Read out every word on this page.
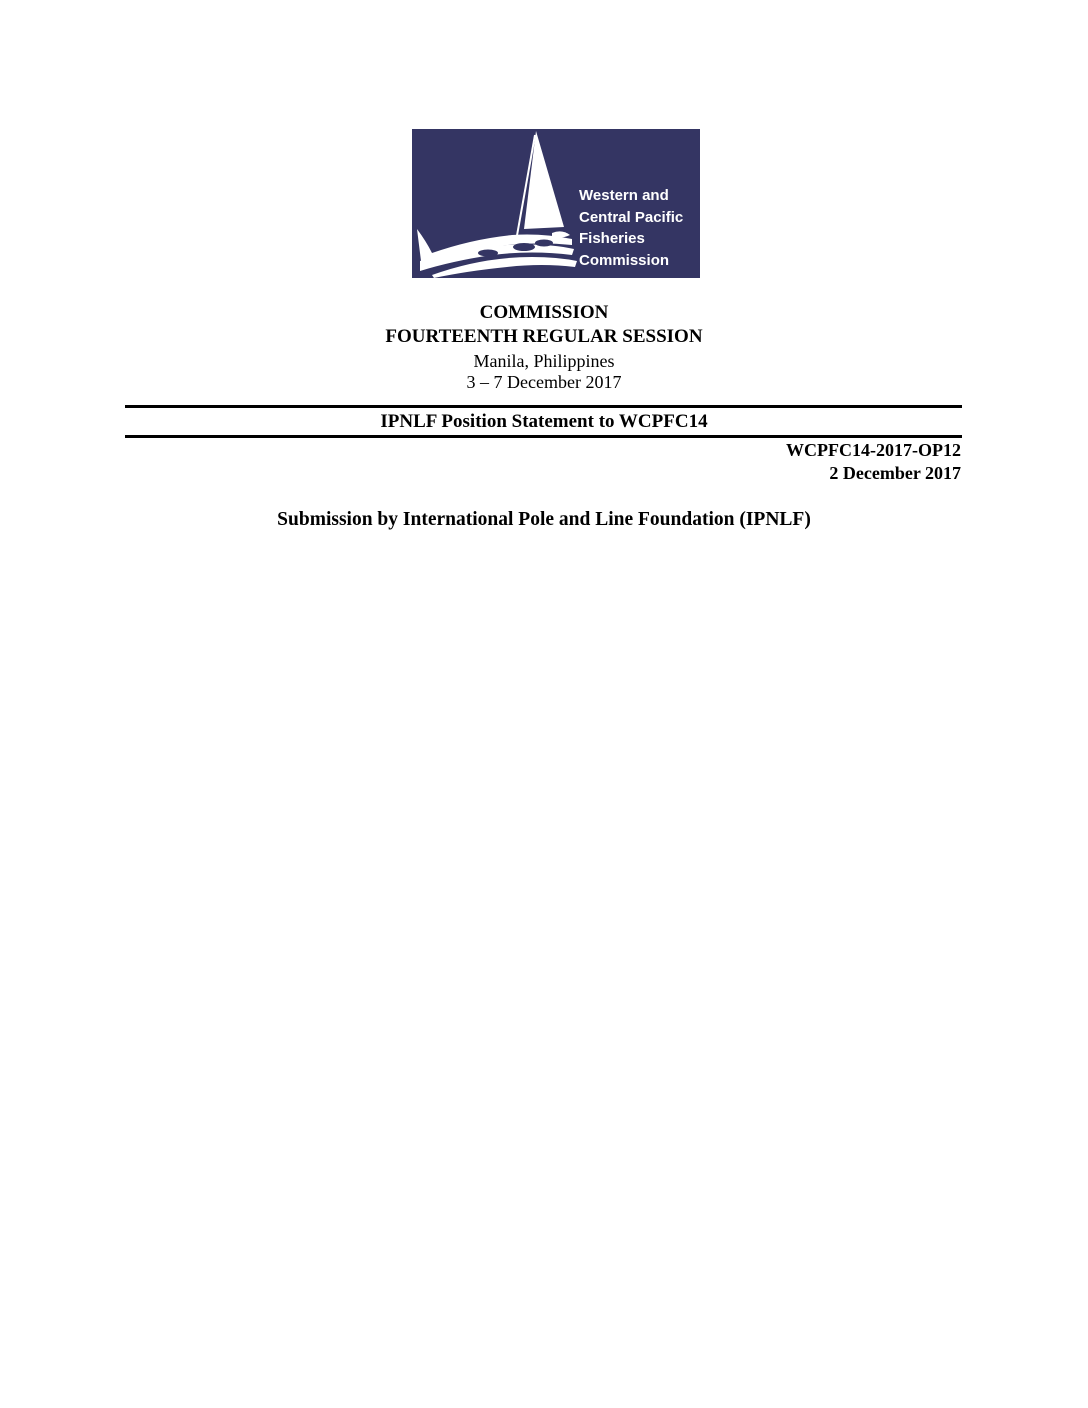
Western and
Central Pacific
Fisheries
Commission
COMMISSION
FOURTEENTH REGULAR SESSION
Manila, Philippines
3 – 7 December 2017
IPNLF Position Statement to WCPFC14
WCPFC14-2017-OP12
2 December 2017
Submission by International Pole and Line Foundation (IPNLF)
